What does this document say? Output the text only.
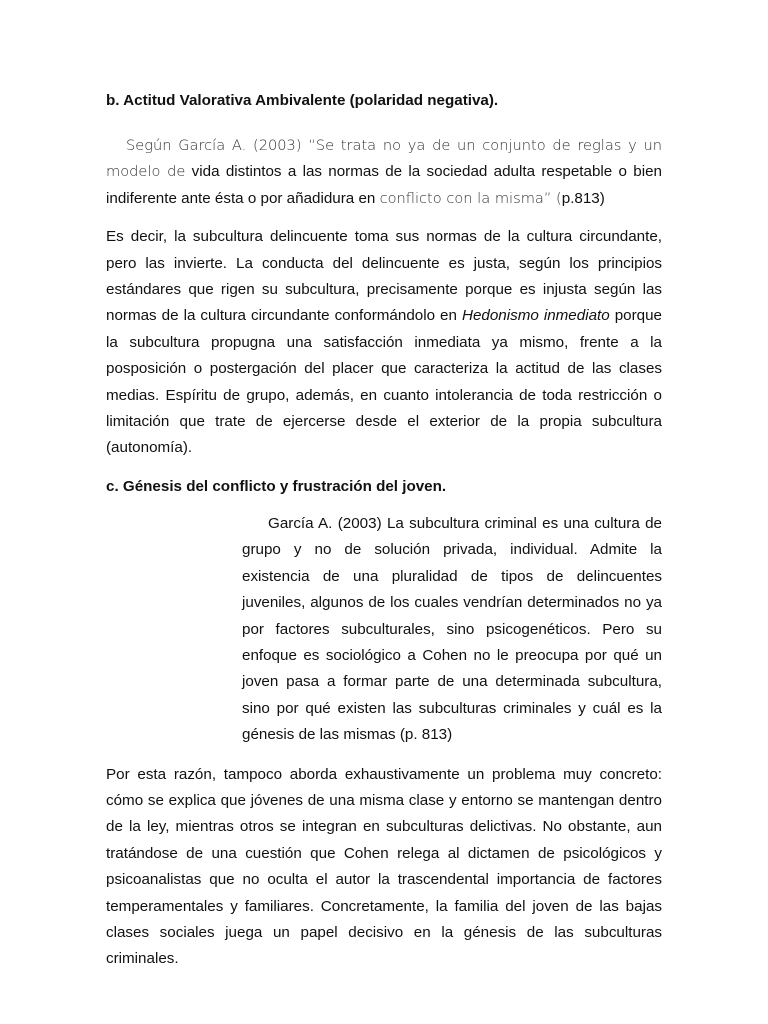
b. Actitud Valorativa Ambivalente (polaridad negativa).

Según García A. (2003) “Se trata no ya de un conjunto de reglas y un modelo de vida distintos a las normas de la sociedad adulta respetable o bien indiferente ante ésta o por añadidura en conflicto con la misma” (p.813)

Es decir, la subcultura delincuente toma sus normas de la cultura circundante, pero las invierte. La conducta del delincuente es justa, según los principios estándares que rigen su subcultura, precisamente porque es injusta según las normas de la cultura circundante conformándolo en Hedonismo inmediato porque la subcultura propugna una satisfacción inmediata ya mismo, frente a la posposición o postergación del placer que caracteriza la actitud de las clases medias. Espíritu de grupo, además, en cuanto intolerancia de toda restricción o limitación que trate de ejercerse desde el exterior de la propia subcultura (autonomía).

c. Génesis del conflicto y frustración del joven.

García A. (2003) La subcultura criminal es una cultura de grupo y no de solución privada, individual. Admite la existencia de una pluralidad de tipos de delincuentes juveniles, algunos de los cuales vendrían determinados no ya por factores subculturales, sino psicogenéticos. Pero su enfoque es sociológico a Cohen no le preocupa por qué un joven pasa a formar parte de una determinada subcultura, sino por qué existen las subculturas criminales y cuál es la génesis de las mismas (p. 813)

Por esta razón, tampoco aborda exhaustivamente un problema muy concreto: cómo se explica que jóvenes de una misma clase y entorno se mantengan dentro de la ley, mientras otros se integran en subculturas delictivas. No obstante, aun tratándose de una cuestión que Cohen relega al dictamen de psicológicos y psicoanalistas que no oculta el autor la trascendental importancia de factores temperamentales y familiares. Concretamente, la familia del joven de las bajas clases sociales juega un papel decisivo en la génesis de las subculturas criminales.
